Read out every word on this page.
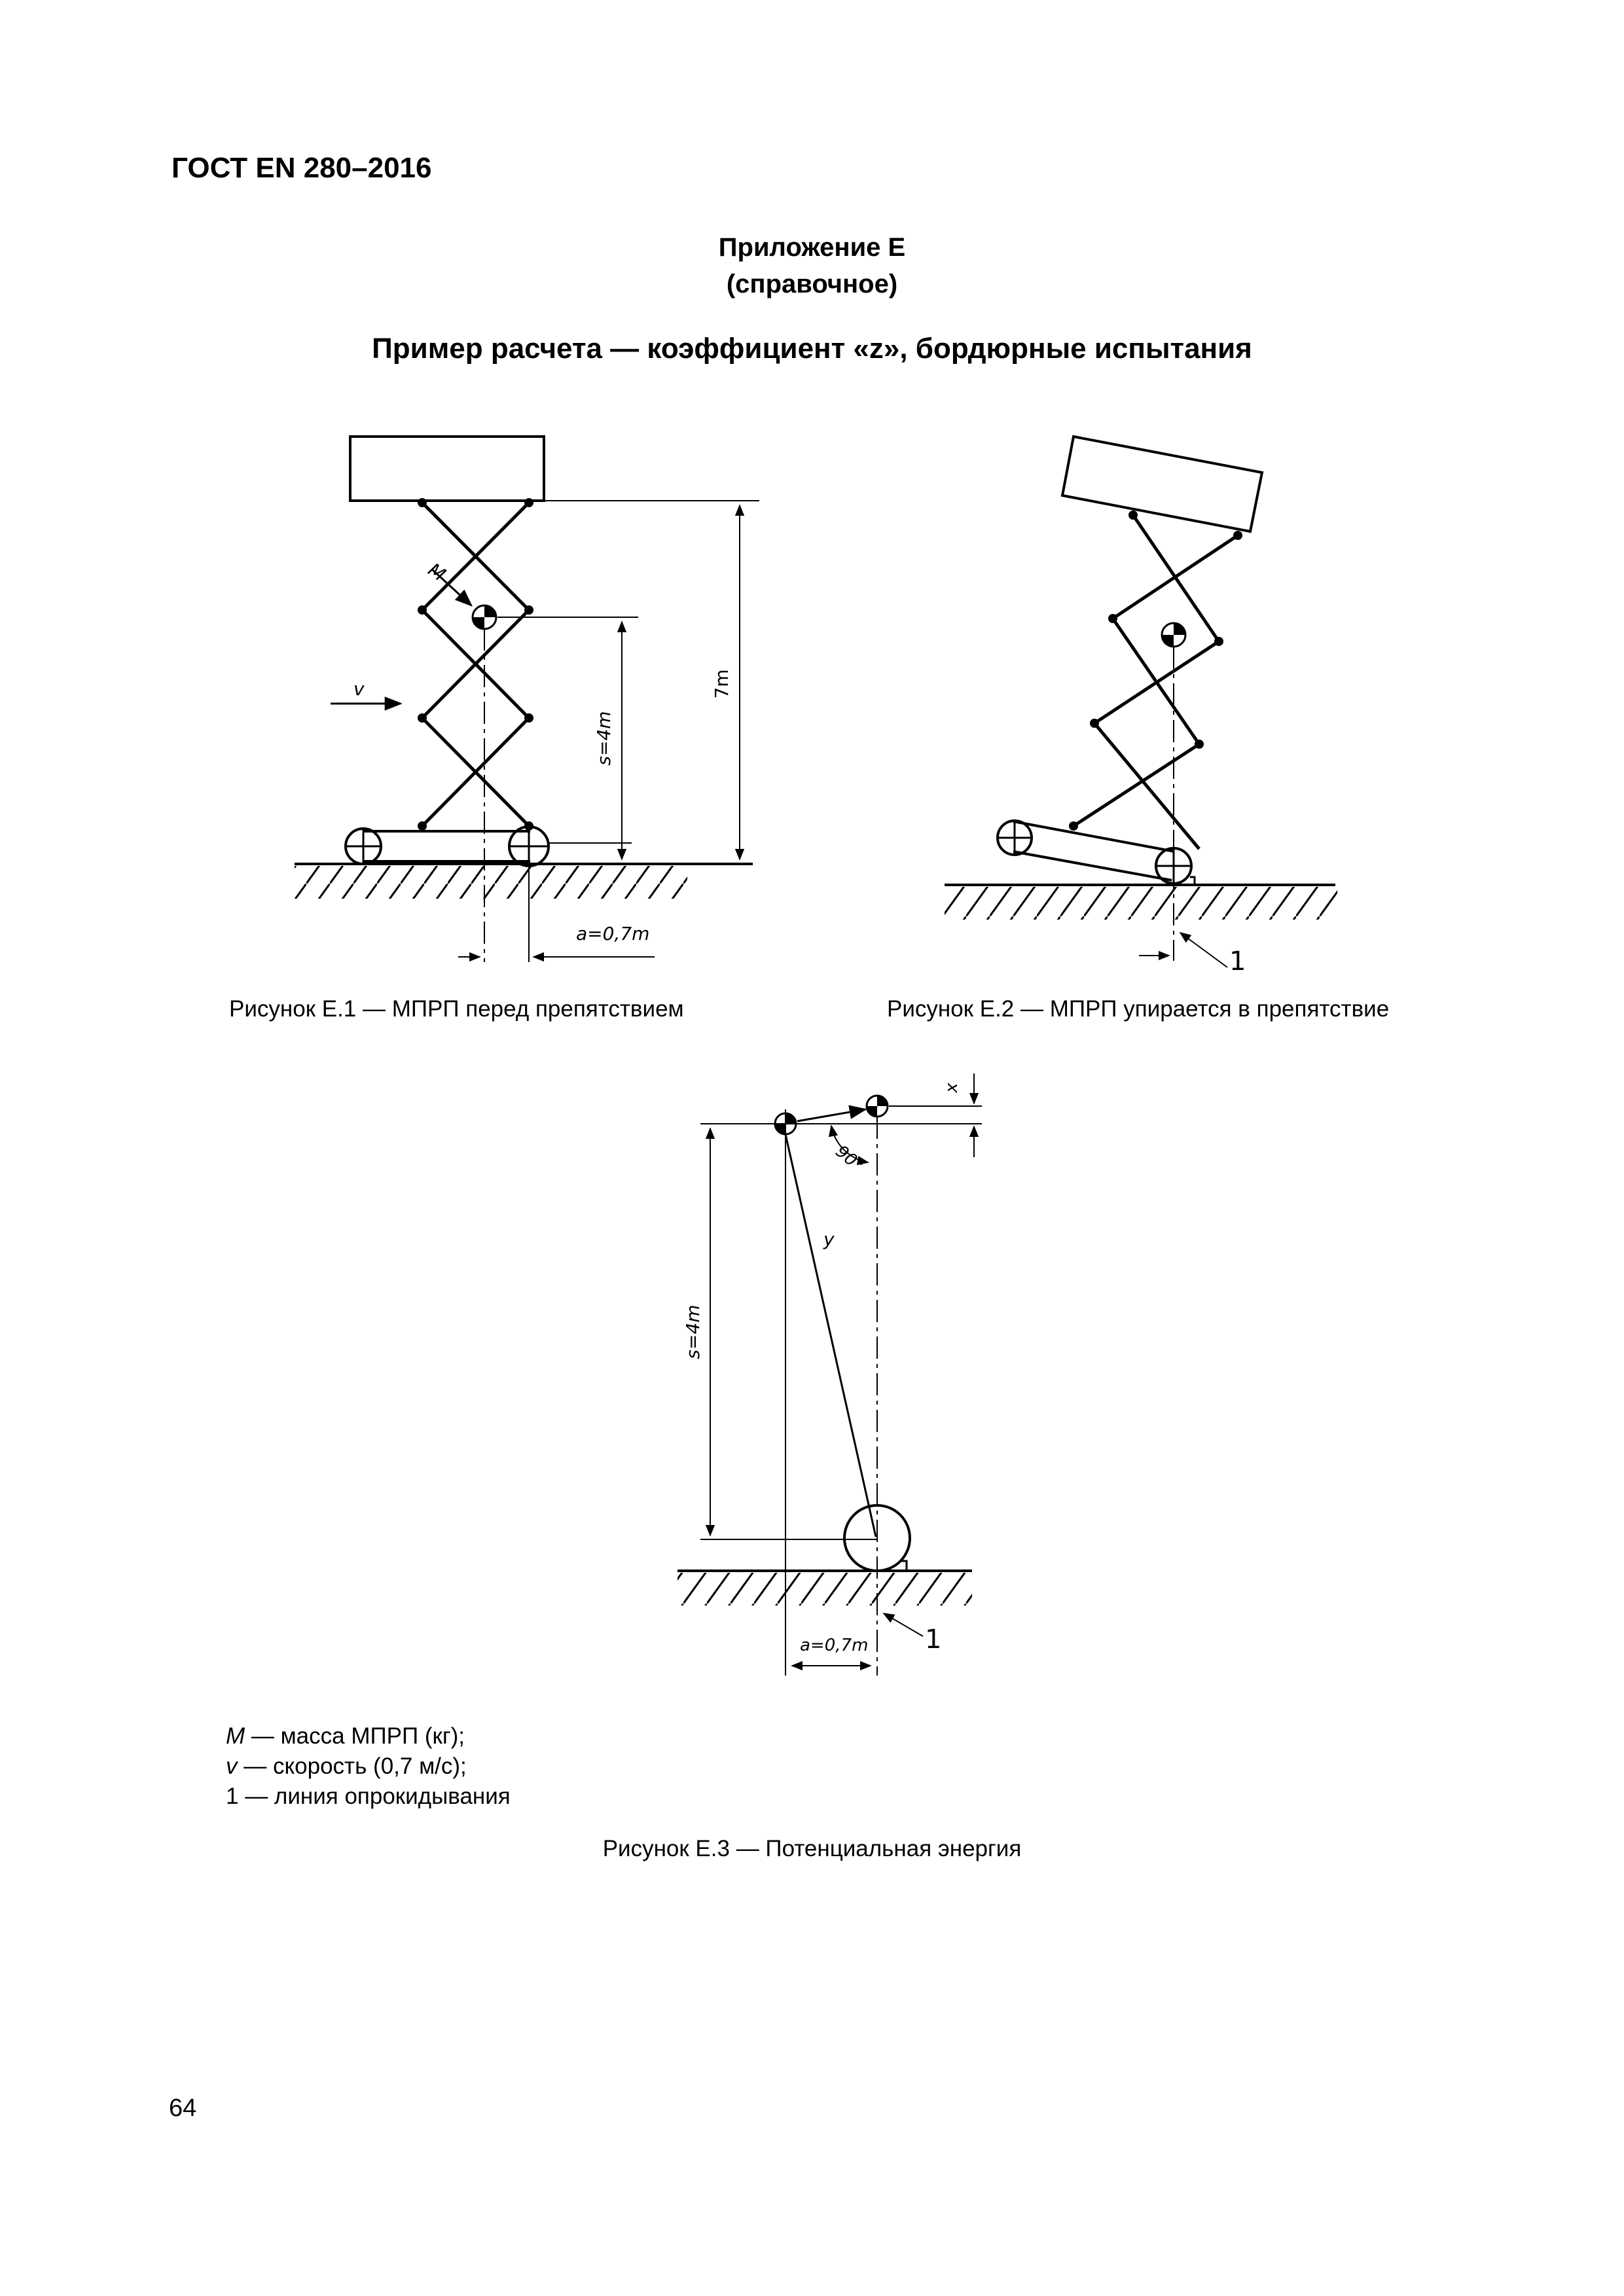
ГОСТ EN 280–2016
Приложение Е
(справочное)
Пример расчета — коэффициент «z», бордюрные испытания
M
v
s=4m
7m
a=0,7m
1
x
y
90°
s=4m
a=0,7m 1
Рисунок Е.1 — МПРП перед препятствием	Рисунок Е.2 — МПРП упирается в препятствие
M — масса МПРП (кг);
v — скорость (0,7 м/с);
1 — линия опрокидывания
Рисунок Е.3 — Потенциальная энергия
64
